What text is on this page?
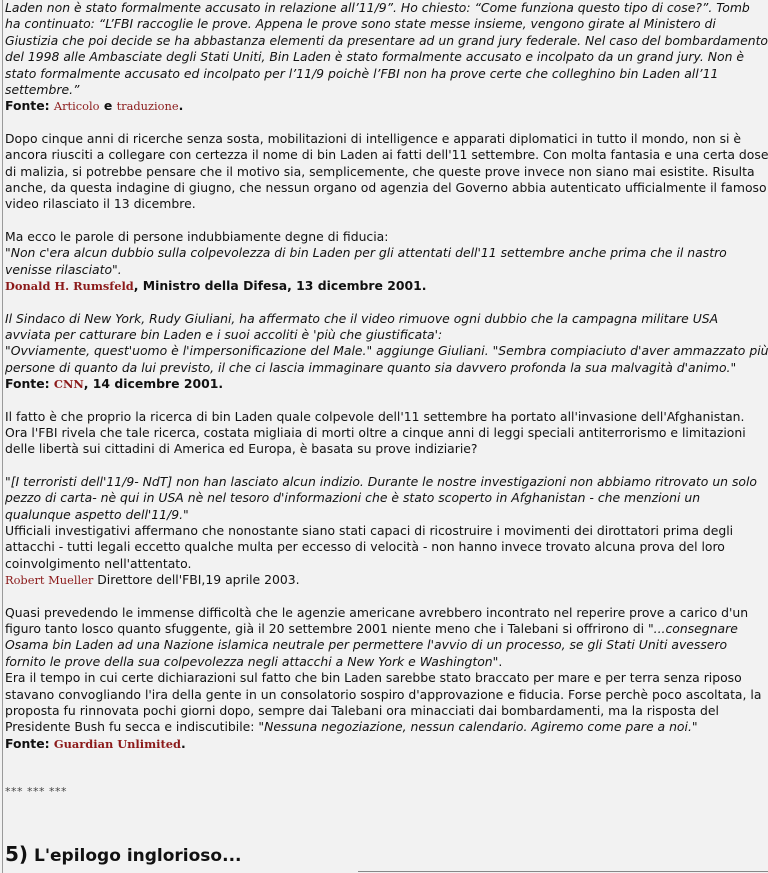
Laden non è stato formalmente accusato in relazione all’11/9”. Ho chiesto: “Come funziona questo tipo di cose?”. Tomb
ha continuato: “L’FBI raccoglie le prove. Appena le prove sono state messe insieme, vengono girate al Ministero di
Giustizia che poi decide se ha abbastanza elementi da presentare ad un grand jury federale. Nel caso del bombardamento
del 1998 alle Ambasciate degli Stati Uniti, Bin Laden è stato formalmente accusato e incolpato da un grand jury. Non è
stato formalmente accusato ed incolpato per l’11/9 poichè l’FBI non ha prove certe che colleghino bin Laden all’11
settembre.”

Fonte: Articolo e traduzione.

Dopo cinque anni di ricerche senza sosta, mobilitazioni di intelligence e apparati diplomatici in tutto il mondo, non si è
ancora riusciti a collegare con certezza il nome di bin Laden ai fatti dell'11 settembre. Con molta fantasia e una certa dose
di malizia, si potrebbe pensare che il motivo sia, semplicemente, che queste prove invece non siano mai esistite. Risulta
anche, da questa indagine di giugno, che nessun organo od agenzia del Governo abbia autenticato ufficialmente il famoso
video rilasciato il 13 dicembre.

Ma ecco le parole di persone indubbiamente degne di fiducia:
"Non c'era alcun dubbio sulla colpevolezza di bin Laden per gli attentati dell'11 settembre anche prima che il nastro
venisse rilasciato".
Donald H. Rumsfeld, Ministro della Difesa, 13 dicembre 2001.

Il Sindaco di New York, Rudy Giuliani, ha affermato che il video rimuove ogni dubbio che la campagna militare USA
avviata per catturare bin Laden e i suoi accoliti è 'più che giustificata':
"Ovviamente, quest'uomo è l'impersonificazione del Male." aggiunge Giuliani. "Sembra compiaciuto d'aver ammazzato più
persone di quanto da lui previsto, il che ci lascia immaginare quanto sia davvero profonda la sua malvagità d'animo."
Fonte: CNN, 14 dicembre 2001.

Il fatto è che proprio la ricerca di bin Laden quale colpevole dell'11 settembre ha portato all'invasione dell'Afghanistan.
Ora l'FBI rivela che tale ricerca, costata migliaia di morti oltre a cinque anni di leggi speciali antiterrorismo e limitazioni
delle libertà sui cittadini di America ed Europa, è basata su prove indiziarie?

"[I terroristi dell'11/9- NdT] non han lasciato alcun indizio. Durante le nostre investigazioni non abbiamo ritrovato un solo
pezzo di carta- nè qui in USA nè nel tesoro d'informazioni che è stato scoperto in Afghanistan - che menzioni un
qualunque aspetto dell'11/9."
Ufficiali investigativi affermano che nonostante siano stati capaci di ricostruire i movimenti dei dirottatori prima degli
attacchi - tutti legali eccetto qualche multa per eccesso di velocità - non hanno invece trovato alcuna prova del loro
coinvolgimento nell'attentato.
Robert Mueller Direttore dell'FBI,19 aprile 2003.

Quasi prevedendo le immense difficoltà che le agenzie americane avrebbero incontrato nel reperire prove a carico d'un
figuro tanto losco quanto sfuggente, già il 20 settembre 2001 niente meno che i Talebani si offrirono di "...consegnare
Osama bin Laden ad una Nazione islamica neutrale per permettere l'avvio di un processo, se gli Stati Uniti avessero
fornito le prove della sua colpevolezza negli attacchi a New York e Washington".
Era il tempo in cui certe dichiarazioni sul fatto che bin Laden sarebbe stato braccato per mare e per terra senza riposo
stavano convogliando l'ira della gente in un consolatorio sospiro d'approvazione e fiducia. Forse perchè poco ascoltata, la
proposta fu rinnovata pochi giorni dopo, sempre dai Talebani ora minacciati dai bombardamenti, ma la risposta del
Presidente Bush fu secca e indiscutibile: "Nessuna negoziazione, nessun calendario. Agiremo come pare a noi."
Fonte: Guardian Unlimited.

*** *** ***

5) L'epilogo inglorioso...
